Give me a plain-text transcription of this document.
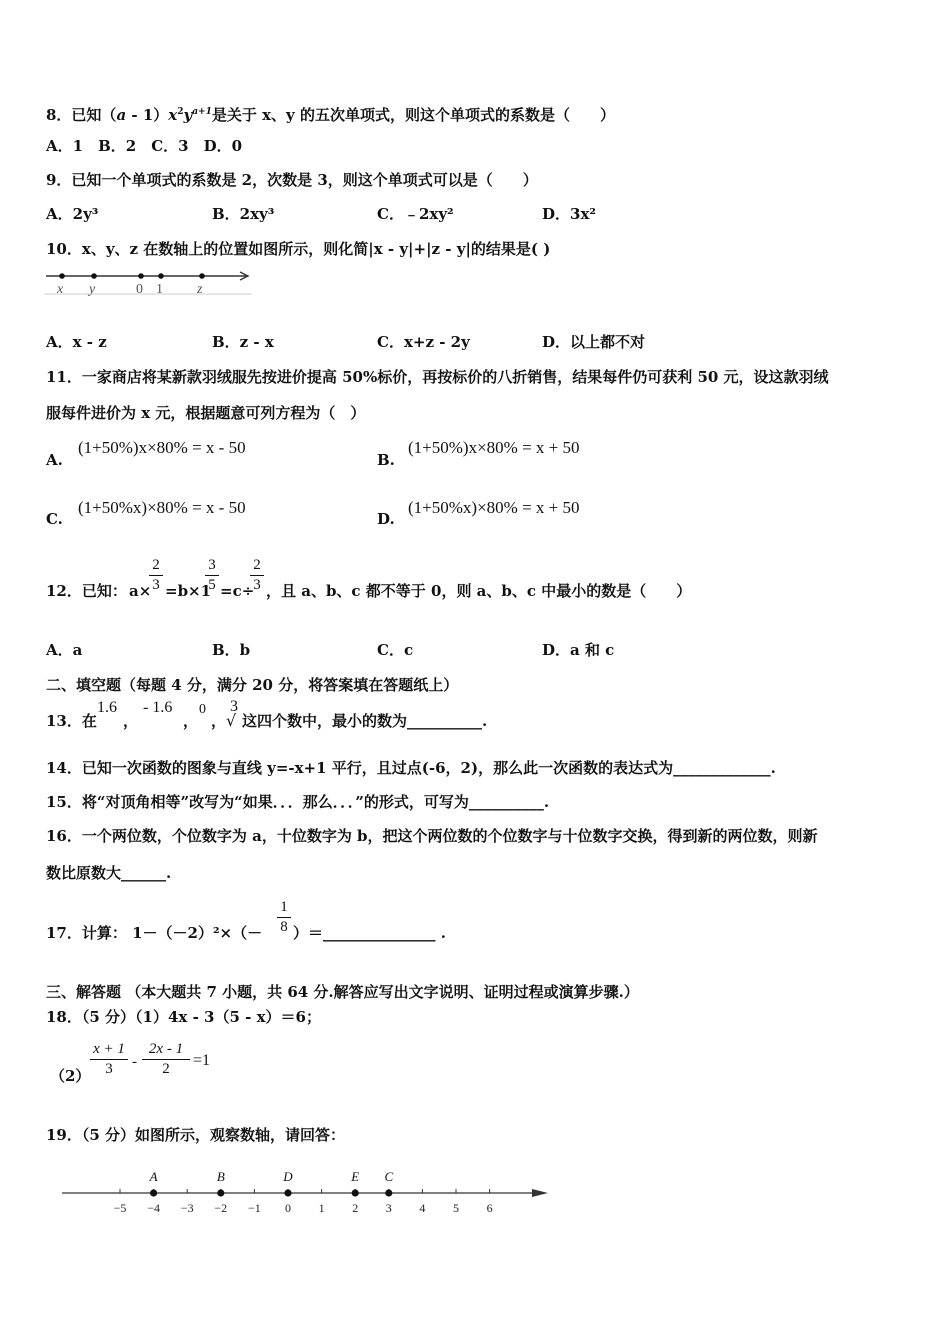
8．已知$(a - 1)x^2y^{a+1}$是关于 x、y 的五次单项式，则这个单项式的系数是（　　）
A．1　B．2　C．3　D．0
9．已知一个单项式的系数是 2，次数是 3，则这个单项式可以是（　　）
A．2y³	B．2xy³	C．﹣2xy²	D．3x²
10．x、y、z 在数轴上的位置如图所示，则化简|x - y|+|z - y|的结果是( )
x y	0 1 z
A．x - z	B．z - x	C．x+z - 2y	D．以上都不对
11．一家商店将某新款羽绒服先按进价提高 50%标价，再按标价的八折销售，结果每件仍可获利 50 元，设这款羽绒
服每件进价为 x 元，根据题意可列方程为（　）
A.
(1+50%)x×80% = x - 50
B.
(1+50%)x×80% = x + 50
C.
(1+50%x)×80% = x - 50
D.
(1+50%x)×80% = x + 50
12．已知： a×
2
3 =b×1
3
5 =c÷
2
3 ，且 a、b、c 都不等于 0，则 a、b、c 中最小的数是（　　）
A．a	B．b	C．c	D．a 和 c
二、填空题（每题 4 分，满分 20 分，将答案填在答题纸上）
13．在
1.6
，
- 1.6
，
0
， √
3
这四个数中，最小的数为__________.
14．已知一次函数的图象与直线 y=-x+1 平行，且过点(-6，2)，那么此一次函数的表达式为_____________.
15．将“对顶角相等”改写为“如果．．．那么．．．”的形式，可写为__________.
16．一个两位数，个位数字为 a，十位数字为 b，把这个两位数的个位数字与十位数字交换，得到新的两位数，则新
数比原数大______.
17．计算： 1－（－2）²×（－
1
8 ）＝_______________ .
三、解答题 （本大题共 7 小题，共 64 分.解答应写出文字说明、证明过程或演算步骤.）
18．（5 分）（1）4x - 3（5 - x）＝6；
（2）
x + 1
3	-
2x - 1
2	=1
19．（5 分）如图所示，观察数轴，请回答：
−5 −4 −3 −2 −1 0 1 2 3 4 5 6
A	B	D	E C
